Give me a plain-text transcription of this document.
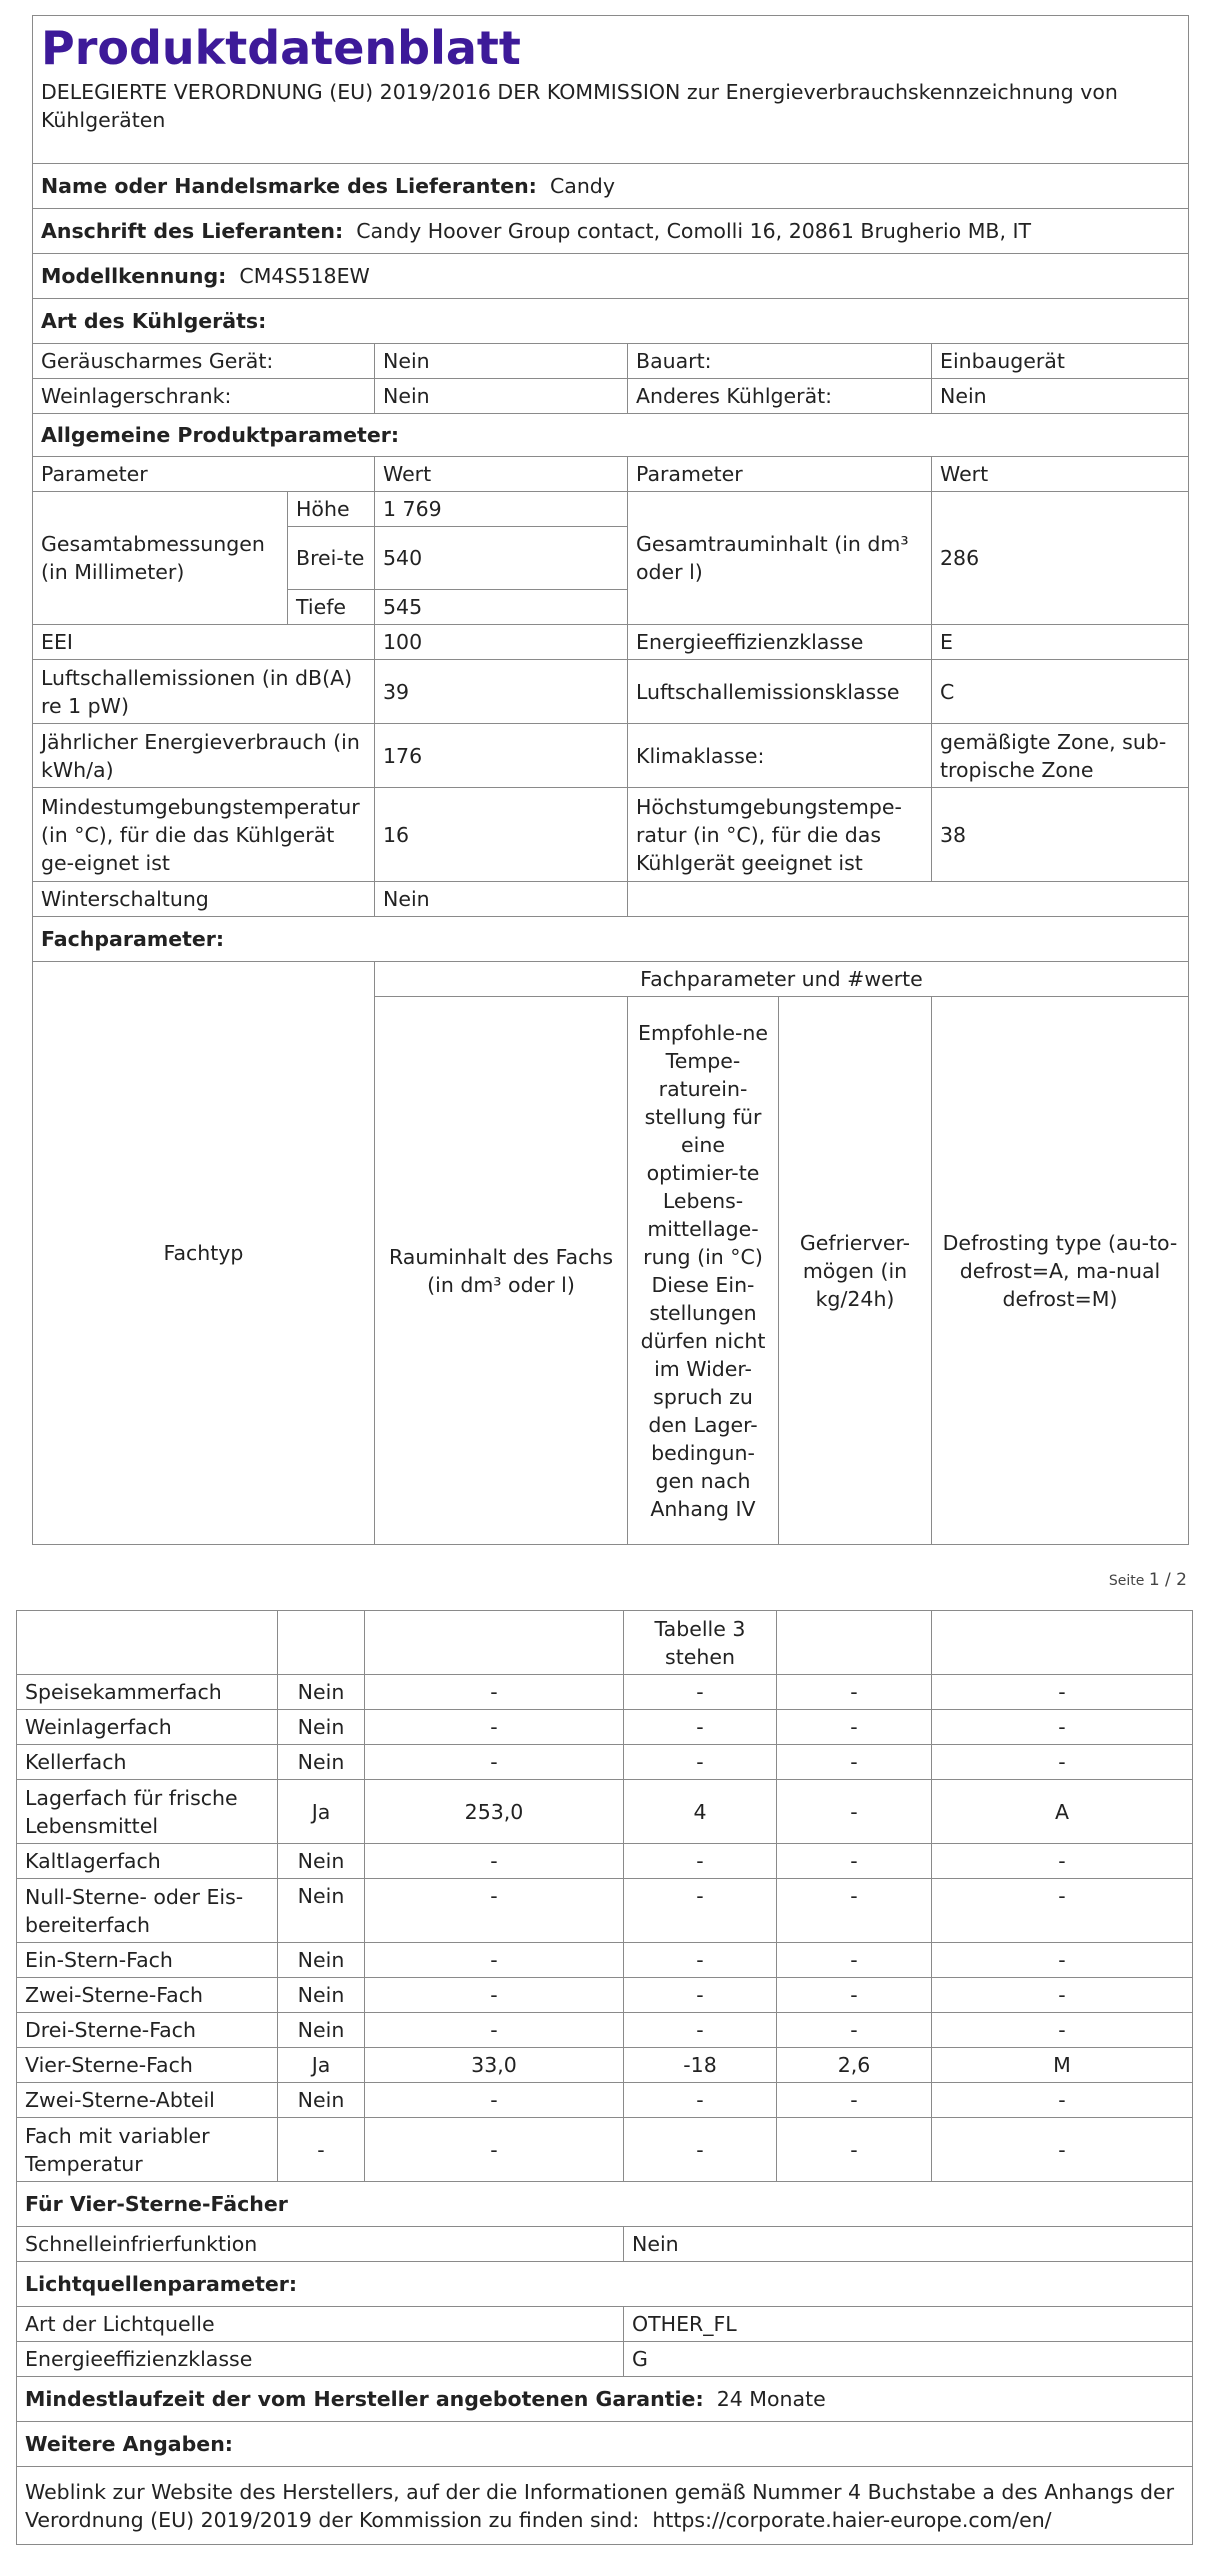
Produktdatenblatt
DELEGIERTE VERORDNUNG (EU) 2019/2016 DER KOMMISSION zur Energieverbrauchskennzeichnung von Kühlgeräten					

Name oder Handelsmarke des Lieferanten: Candy					
Anschrift des Lieferanten: Candy Hoover Group contact, Comolli 16, 20861 Brugherio MB, IT					
Modellkennung: CM4S518EW					
Art des Kühlgeräts:					
Geräuscharmes Gerät:		Nein	Bauart:		Einbaugerät
Weinlagerschrank:		Nein	Anderes Kühlgerät:		Nein
Allgemeine Produktparameter:					
Parameter		Wert	Parameter		Wert
Gesamtabmessungen (in Millimeter)	Höhe	1 769	Gesamtrauminhalt (in dm³ oder l)		286
	Brei-te	540			
	Tiefe	545			
EEI		100	Energieeffizienzklasse		E
Luftschallemissionen (in dB(A) re 1 pW)		39	Luftschallemissionsklasse		C
Jährlicher Energieverbrauch (in kWh/a)		176	Klimaklasse:		gemäßigte Zone, sub-tropische Zone
Mindestumgebungstemperatur (in °C), für die das Kühlgerät ge-eignet ist		16	Höchstumgebungstempe-ratur (in °C), für die das Kühlgerät geeignet ist		38
Winterschaltung		Nein			
Fachparameter:					
Fachtyp		Fachparameter und #werte			
		Rauminhalt des Fachs (in dm³ oder l)	Empfohle-ne Tempe-raturein-stellung für eine optimier-te Lebens-mittellage-rung (in °C) Diese Ein-stellungen dürfen nicht im Wider-spruch zu den Lager-bedingun-gen nach Anhang IV	Gefrierver-mögen (in kg/24h)	Defrosting type (au-to-defrost=A, ma-nual defrost=M)
Seite 1 / 2
			Tabelle 3 stehen		
Speisekammerfach	Nein	-	-	-	-
Weinlagerfach	Nein	-	-	-	-
Kellerfach	Nein	-	-	-	-
Lagerfach für frische Lebensmittel	Ja	253,0	4	-	A
Kaltlagerfach	Nein	-	-	-	-
Null-Sterne- oder Eis-bereiterfach	Nein	-	-	-	-
Ein-Stern-Fach	Nein	-	-	-	-
Zwei-Sterne-Fach	Nein	-	-	-	-
Drei-Sterne-Fach	Nein	-	-	-	-
Vier-Sterne-Fach	Ja	33,0	-18	2,6	M
Zwei-Sterne-Abteil	Nein	-	-	-	-
Fach mit variabler Temperatur	-	-	-	-	-
Für Vier-Sterne-Fächer					
Schnelleinfrierfunktion			Nein		
Lichtquellenparameter:					
Art der Lichtquelle			OTHER_FL		
Energieeffizienzklasse			G		
Mindestlaufzeit der vom Hersteller angebotenen Garantie: 24 Monate					
Weitere Angaben:					
Weblink zur Website des Herstellers, auf der die Informationen gemäß Nummer 4 Buchstabe a des Anhangs der Verordnung (EU) 2019/2019 der Kommission zu finden sind: https://corporate.haier-europe.com/en/					
